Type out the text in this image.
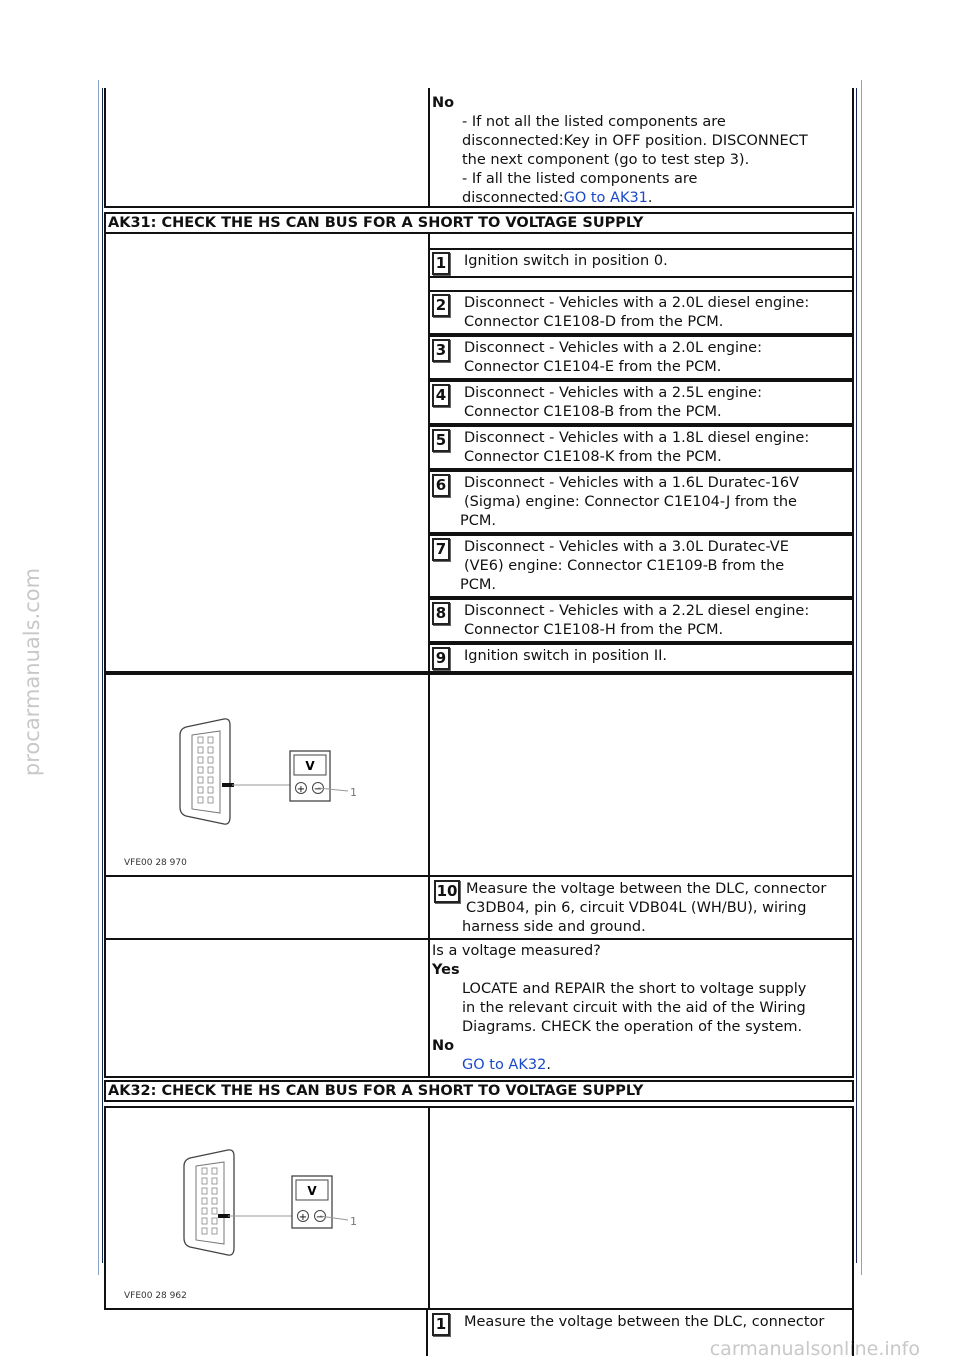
procarmanuals.com
carmanualsonline.info
No
- If not all the listed components are
disconnected:Key in OFF position. DISCONNECT
the next component (go to test step 3).
- If all the listed components are
disconnected:GO to AK31.
AK31: CHECK THE HS CAN BUS FOR A SHORT TO VOLTAGE SUPPLY
1 Ignition switch in position 0.
2 Disconnect - Vehicles with a 2.0L diesel engine:
Connector C1E108-D from the PCM.
3 Disconnect - Vehicles with a 2.0L engine:
Connector C1E104-E from the PCM.
4 Disconnect - Vehicles with a 2.5L engine:
Connector C1E108-B from the PCM.
5 Disconnect - Vehicles with a 1.8L diesel engine:
Connector C1E108-K from the PCM.
6 Disconnect - Vehicles with a 1.6L Duratec-16V
(Sigma) engine: Connector C1E104-J from the
PCM.
7 Disconnect - Vehicles with a 3.0L Duratec-VE
(VE6) engine: Connector C1E109-B from the
PCM.
8 Disconnect - Vehicles with a 2.2L diesel engine:
Connector C1E108-H from the PCM.
9 Ignition switch in position II.
V
+ −	1
VFE00 28 970
10 Measure the voltage between the DLC, connector
C3DB04, pin 6, circuit VDB04L (WH/BU), wiring
harness side and ground.
Is a voltage measured?
Yes
LOCATE and REPAIR the short to voltage supply
in the relevant circuit with the aid of the Wiring
Diagrams. CHECK the operation of the system.
No
GO to AK32.
AK32: CHECK THE HS CAN BUS FOR A SHORT TO VOLTAGE SUPPLY
V
+ − 1
VFE00 28 962
1 Measure the voltage between the DLC, connector
